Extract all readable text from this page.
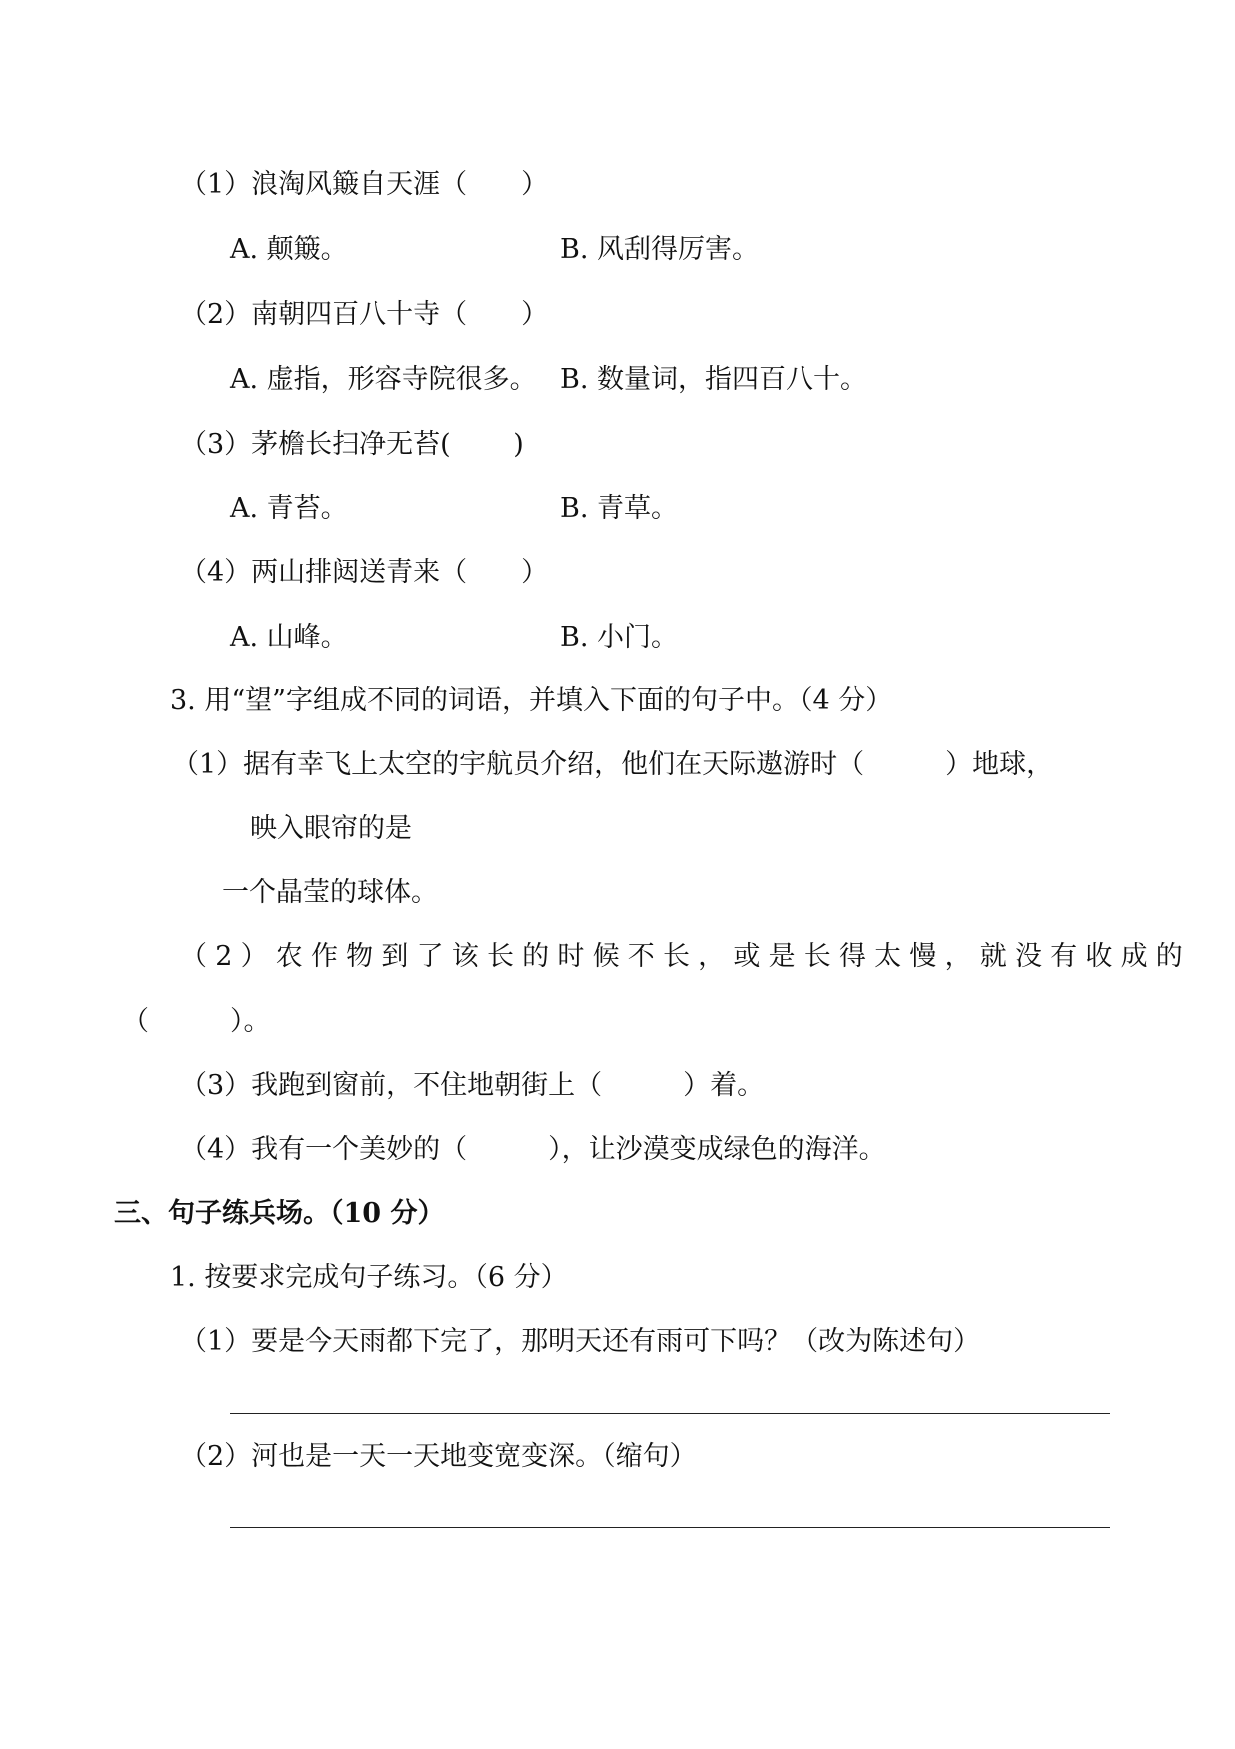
（1）浪淘风簸自天涯（　　）
A. 颠簸。	B. 风刮得厉害。
（2）南朝四百八十寺（　　）
A. 虚指，形容寺院很多。 B. 数量词，指四百八十。
（3）茅檐长扫净无苔(　　 )
A. 青苔。	B. 青草。
（4）两山排闼送青来（　　）
A. 山峰。	B. 小门。
3. 用“望”字组成不同的词语，并填入下面的句子中。（4 分）
（1）据有幸飞上太空的宇航员介绍，他们在天际遨游时（　　　）地球，
映入眼帘的是
一个晶莹的球体。
（2）农作物到了该长的时候不长，或是长得太慢，就没有收成的
（　　　）。
（3）我跑到窗前，不住地朝街上（　　　）着。
（4）我有一个美妙的（　　　），让沙漠变成绿色的海洋。
三、句子练兵场。（10 分）
1. 按要求完成句子练习。（6 分）
（1）要是今天雨都下完了，那明天还有雨可下吗？（改为陈述句）
（2）河也是一天一天地变宽变深。（缩句）
